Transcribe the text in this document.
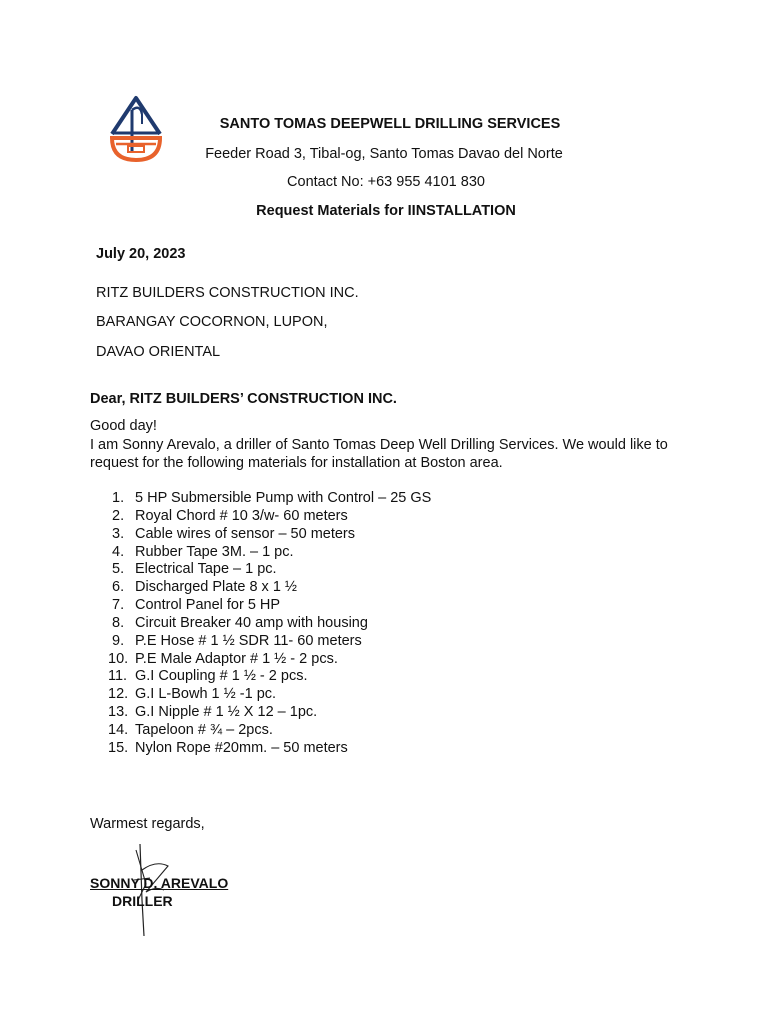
SANTO TOMAS DEEPWELL DRILLING SERVICES
Feeder Road 3, Tibal-og, Santo Tomas Davao del Norte
Contact No: +63 955 4101 830
Request Materials for IINSTALLATION
July 20, 2023
RITZ BUILDERS CONSTRUCTION INC.
BARANGAY COCORNON, LUPON,
DAVAO ORIENTAL
Dear, RITZ BUILDERS’ CONSTRUCTION INC.
Good day!
I am Sonny Arevalo, a driller of Santo Tomas Deep Well Drilling Services. We would like to request for the following materials for installation at Boston area.
1. 5 HP Submersible Pump with Control – 25 GS
2. Royal Chord # 10 3/w- 60 meters
3. Cable wires of sensor – 50 meters
4. Rubber Tape 3M. – 1 pc.
5. Electrical Tape – 1 pc.
6. Discharged Plate 8 x 1 ½
7. Control Panel for 5 HP
8. Circuit Breaker 40 amp with housing
9. P.E Hose # 1 ½ SDR 11- 60 meters
10. P.E Male Adaptor # 1 ½ - 2 pcs.
11. G.I Coupling # 1 ½ - 2 pcs.
12. G.I L-Bowh 1 ½ -1 pc.
13. G.I Nipple # 1 ½ X 12 – 1pc.
14. Tapeloon # ¾ – 2pcs.
15. Nylon Rope #20mm. – 50 meters
Warmest regards,
SONNY D. AREVALO
DRILLER
